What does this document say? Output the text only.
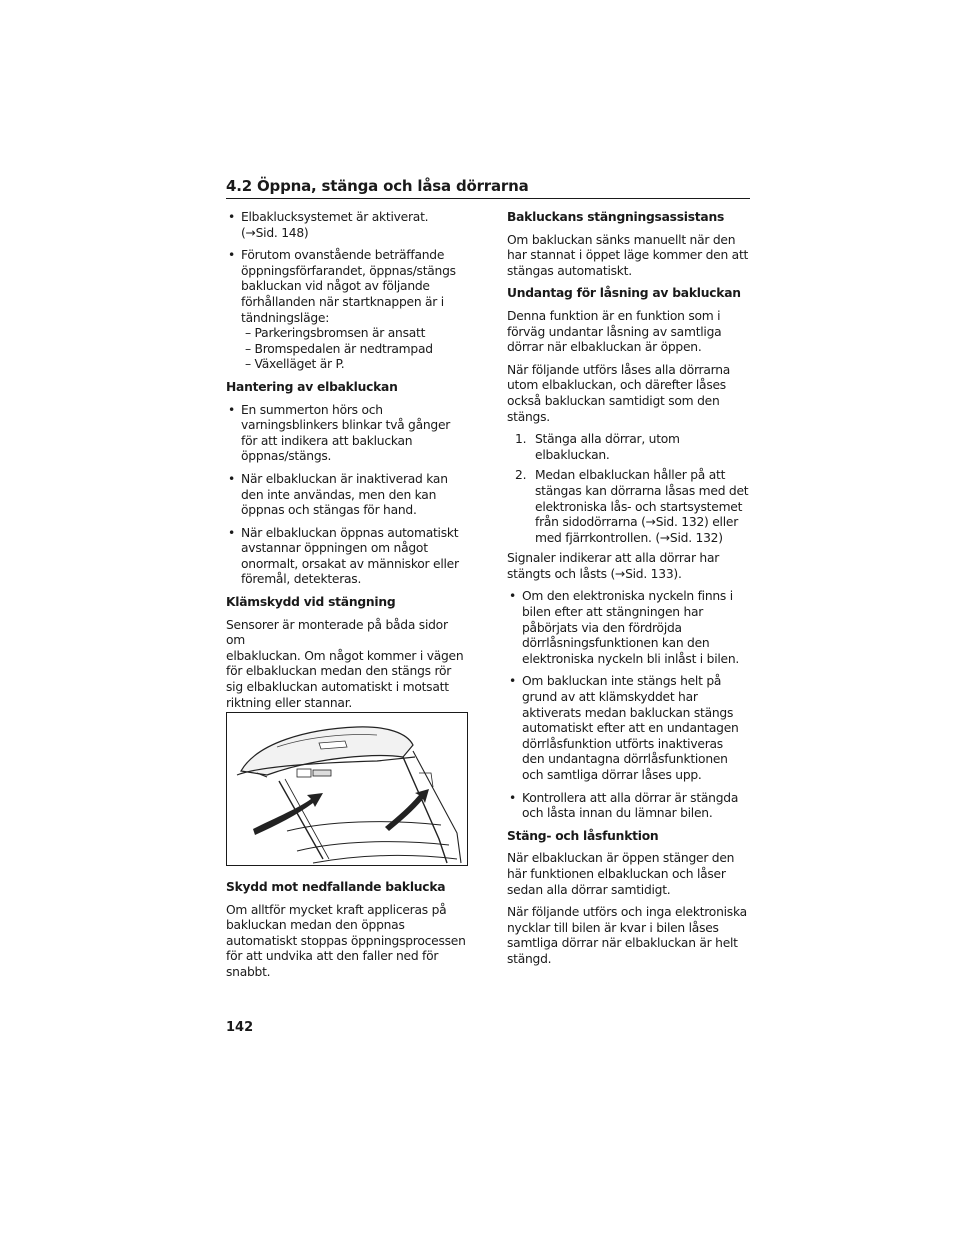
4.2 Öppna, stänga och låsa dörrarna
• Elbaklucksystemet är aktiverat.
(→Sid. 148)
• Förutom ovanstående beträffande
öppningsförfarandet, öppnas/stängs
bakluckan vid något av följande
förhållanden när startknappen är i
tändningsläge:
– Parkeringsbromsen är ansatt
– Bromspedalen är nedtrampad
– Växelläget är P.
Hantering av elbakluckan
• En summerton hörs och
varningsblinkers blinkar två gånger
för att indikera att bakluckan
öppnas/stängs.
• När elbakluckan är inaktiverad kan
den inte användas, men den kan
öppnas och stängas för hand.
• När elbakluckan öppnas automatiskt
avstannar öppningen om något
onormalt, orsakat av människor eller
föremål, detekteras.
Klämskydd vid stängning
Sensorer är monterade på båda sidor om
elbakluckan. Om något kommer i vägen
för elbakluckan medan den stängs rör
sig elbakluckan automatiskt i motsatt
riktning eller stannar.
Skydd mot nedfallande baklucka
Om alltför mycket kraft appliceras på
bakluckan medan den öppnas
automatiskt stoppas öppningsprocessen
för att undvika att den faller ned för
snabbt.
Bakluckans stängningsassistans
Om bakluckan sänks manuellt när den
har stannat i öppet läge kommer den att
stängas automatiskt.
Undantag för låsning av bakluckan
Denna funktion är en funktion som i
förväg undantar låsning av samtliga
dörrar när elbakluckan är öppen.
När följande utförs låses alla dörrarna
utom elbakluckan, och därefter låses
också bakluckan samtidigt som den
stängs.
1. Stänga alla dörrar, utom elbakluckan.
2. Medan elbakluckan håller på att
stängas kan dörrarna låsas med det
elektroniska lås- och startsystemet
från sidodörrarna (→Sid. 132) eller
med fjärrkontrollen. (→Sid. 132)
Signaler indikerar att alla dörrar har
stängts och låsts (→Sid. 133).
• Om den elektroniska nyckeln finns i
bilen efter att stängningen har
påbörjats via den fördröjda
dörrlåsningsfunktionen kan den
elektroniska nyckeln bli inlåst i bilen.
• Om bakluckan inte stängs helt på
grund av att klämskyddet har
aktiverats medan bakluckan stängs
automatiskt efter att en undantagen
dörrlåsfunktion utförts inaktiveras
den undantagna dörrlåsfunktionen
och samtliga dörrar låses upp.
• Kontrollera att alla dörrar är stängda
och låsta innan du lämnar bilen.
Stäng- och låsfunktion
När elbakluckan är öppen stänger den
här funktionen elbakluckan och låser
sedan alla dörrar samtidigt.
När följande utförs och inga elektroniska
nycklar till bilen är kvar i bilen låses
samtliga dörrar när elbakluckan är helt
stängd.
142
